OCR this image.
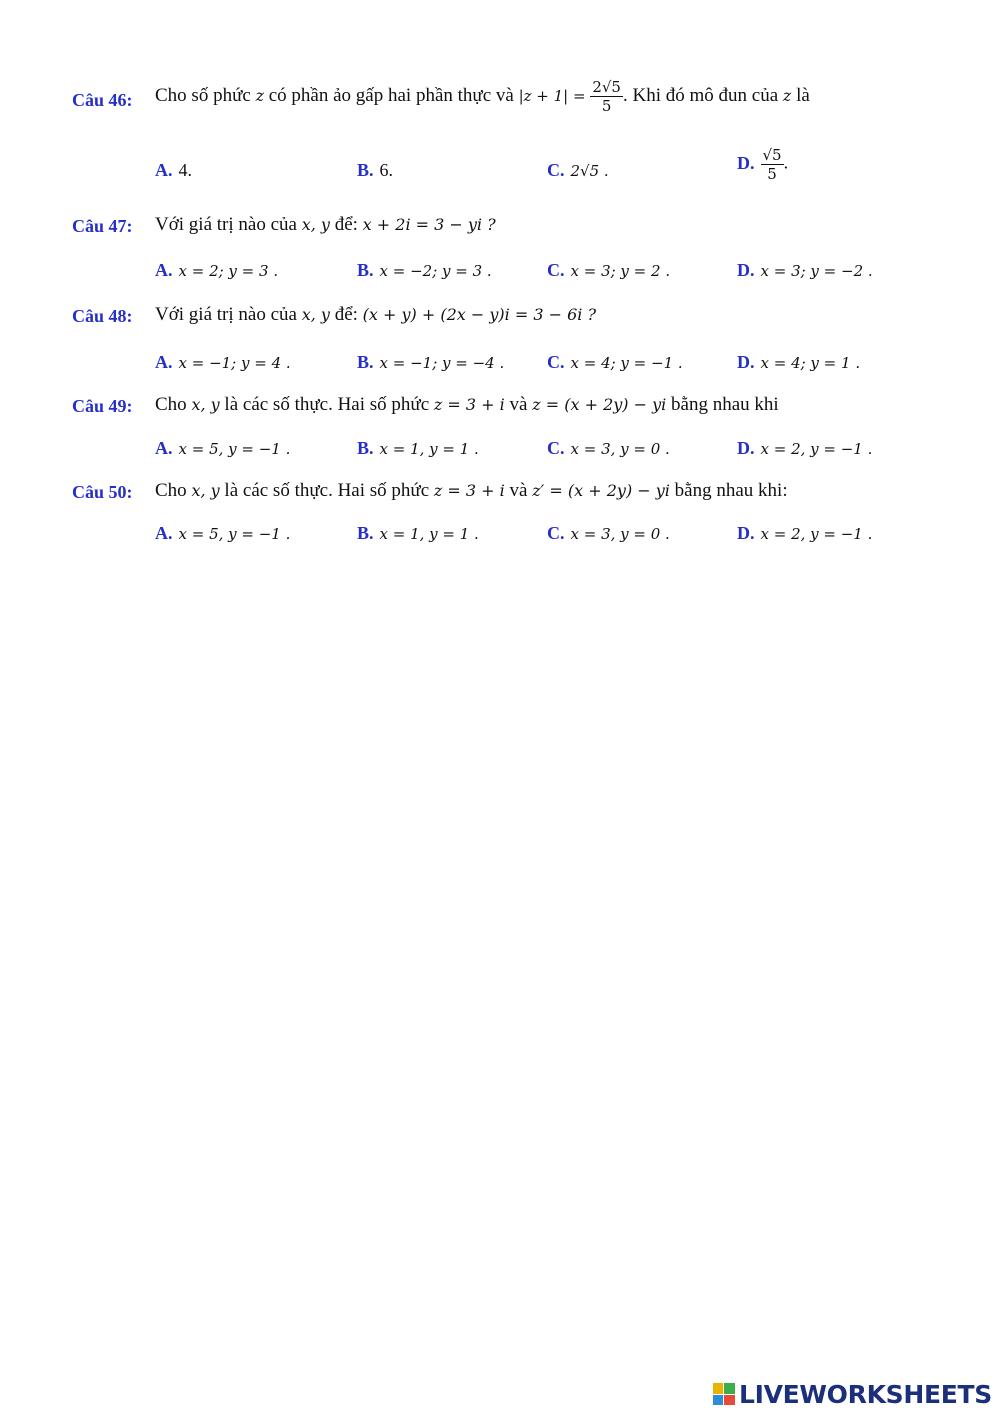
Câu 46: Cho số phức z có phần ảo gấp hai phần thực và $|z + 1| = \frac{2√5}{5}$ . Khi đó mô đun của z là
A. 4.	B. 6.	C. 2√5 .	D. $\frac{√5}{5}$ .
Câu 47: Với giá trị nào của x, y để: x + 2i = 3 − yi ?
A. x = 2; y = 3 .	B. x = −2; y = 3 .	C. x = 3; y = 2 .	D. x = 3; y = −2 .
Câu 48: Với giá trị nào của x, y để: (x + y) + (2x − y)i = 3 − 6i ?
A. x = −1; y = 4 .	B. x = −1; y = −4 . C. x = 4; y = −1 .	D. x = 4; y = 1 .
Câu 49: Cho x, y là các số thực. Hai số phức z = 3 + i và z = (x + 2y) − yi bằng nhau khi
A. x = 5, y = −1 .	B. x = 1, y = 1 .	C. x = 3, y = 0 .	D. x = 2, y = −1 .
Câu 50: Cho x, y là các số thực. Hai số phức z = 3 + i và z′ = (x + 2y) − yi bằng nhau khi:
A. x = 5, y = −1 .	B. x = 1, y = 1 .	C. x = 3, y = 0 .	D. x = 2, y = −1 .
LIVEWORKSHEETS
